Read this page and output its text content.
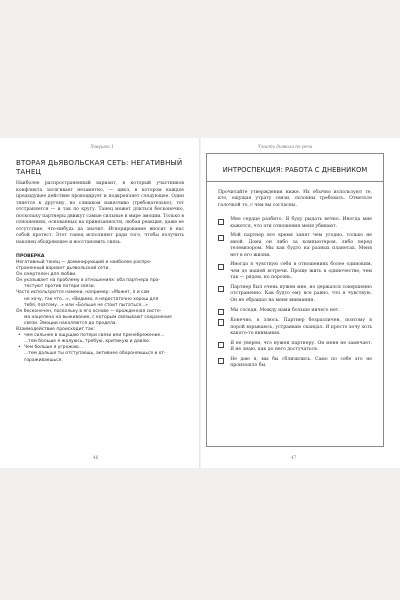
Ловушка 1	Узнать дьявола по речи
ВТОРАЯ ДЬЯВОЛЬСКАЯ СЕТЬ: НЕГАТИВНЫЙ ТАНЕЦ
Наиболее распространенный вариант, в который участников конфликта затягивает незаметно, — цикл, в котором каждое предыдущее действие провоцирует и подкрепляет следующее. Один тянется к другому, но слишком навязчиво (требовательно), тот отстраняется — и так по кругу. Танец может длиться бесконечно, поскольку партнеры движут самые сильные в мире эмоции. Только в отношениях, основанных на привязанности, любая реакция, даже ее отсутствие, что-нибудь да значит. Игнорирование вносит в нас собой протест. Этот танец исполняют ради того, чтобы получить наконец ободряющее и восстановить связь.
ПРОВЕРКА
Негативный танец — доминирующий и наиболее распро-
страненный вариант дьявольской сети.
Он смертелен для любви.
Он указывает на проблему в отношениях: оба партнера про-
тестуют против потери связи.
Часто используются намеки, например: «Может, я и сам
не хочу, так что...», «Видимо, я недостаточно хорош для
тебя, поэтому...» или «Больше не стоит пытаться...»
Он бесконечен, поскольку в его основе — врожденная систе-
ма нацелена на выживание, с которым связывают сохранение
связи. Эмоции накаляются до предела.
Взаимодействие происходит так:
• чем сильнее в ощущаю потери связи или пренебрежение...
...тем больше я жалуюсь, требую, критикую и давлю.
• Чем больше я угрожаю...
...тем дальше ты отступаешь, активнее обороняешься и от-
гораживаешься.
ИНТРОСПЕКЦИЯ: РАБОТА С ДНЕВНИКОМ
Прочитайте утверждения ниже. Их обычно используют те, кто, ощущая утрату связи, склонны требовать. Отметьте галочкой то, с чем вы согласны.
Мне сердце разбито. Я буду рыдать вечно. Иногда мне кажется, что эти отношения меня убивают.
Мой партнер все время занят чем угодно, только не мной. Дома он либо за компьютером, либо перед телевизором. Мы как будто на разных планетах. Меня нет в его жизни.
Иногда я чувствую себя в отношениях более одиноким, чем до нашей встречи. Проще жить в одиночестве, чем так — рядом, но порознь.
Партнер был очень нужен мне, но держался совершенно отстраненно. Как будто ему все равно, что я чувствую. Он не обращал на меня внимания.
Мы соседи. Между нами больше ничего нет.
Конечно, я злюсь. Партнер безразличен, поэтому я порой взрываюсь, устраиваю скандал. Я просто хочу хоть какого-то внимания.
Я не уверен, что нужен партнеру. Он меня не замечает. Я не знаю, как до него достучаться.
Не даю я, мы бы сблизились. Само по себе это не произошло бы.
46	47
